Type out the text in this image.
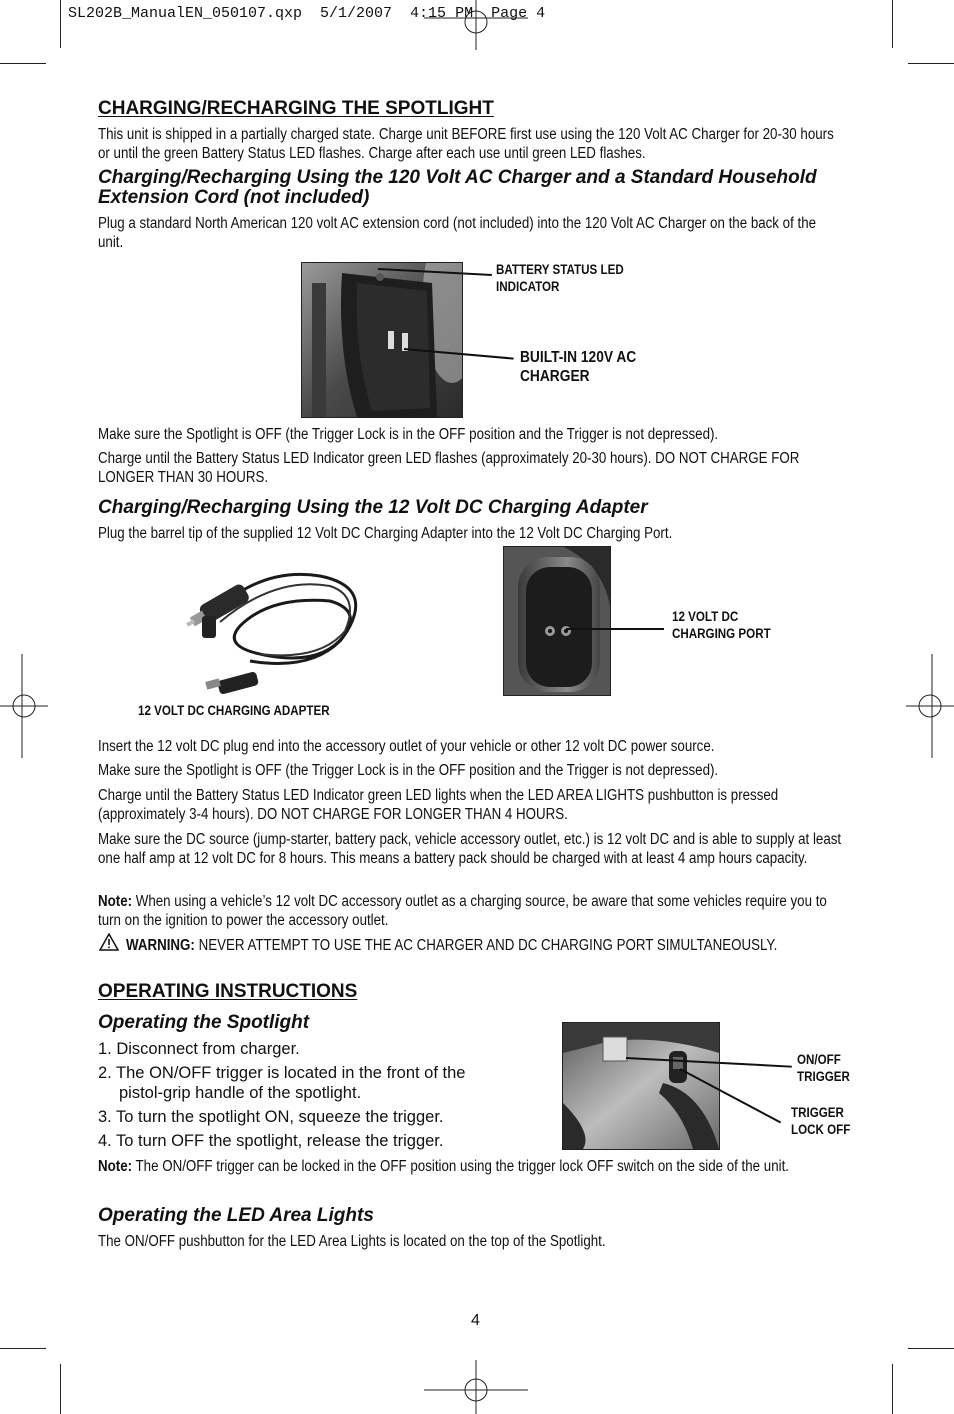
SL202B_ManualEN_050107.qxp  5/1/2007  4:15 PM  Page 4
CHARGING/RECHARGING THE SPOTLIGHT
This unit is shipped in a partially charged state. Charge unit BEFORE first use using the 120 Volt AC Charger for 20-30 hours or until the green Battery Status LED flashes. Charge after each use until green LED flashes.
Charging/Recharging Using the 120 Volt AC Charger and a Standard Household Extension Cord (not included)
Plug a standard North American 120 volt AC extension cord (not included) into the 120 Volt AC Charger on the back of the unit.
BATTERY STATUS LED INDICATOR
BUILT-IN 120V AC CHARGER
Make sure the Spotlight is OFF (the Trigger Lock is in the OFF position and the Trigger is not depressed).
Charge until the Battery Status LED Indicator green LED flashes (approximately 20-30 hours). DO NOT CHARGE FOR LONGER THAN 30 HOURS.
Charging/Recharging Using the 12 Volt DC Charging Adapter
Plug the barrel tip of the supplied 12 Volt DC Charging Adapter into the 12 Volt DC Charging Port.
12 VOLT DC CHARGING ADAPTER
12 VOLT DC CHARGING PORT
Insert the 12 volt DC plug end into the accessory outlet of your vehicle or other 12 volt DC power source.
Make sure the Spotlight is OFF (the Trigger Lock is in the OFF position and the Trigger is not depressed).
Charge until the Battery Status LED Indicator green LED lights when the LED AREA LIGHTS pushbutton is pressed (approximately 3-4 hours). DO NOT CHARGE FOR LONGER THAN 4 HOURS.
Make sure the DC source (jump-starter, battery pack, vehicle accessory outlet, etc.) is 12 volt DC and is able to supply at least one half amp at 12 volt DC for 8 hours. This means a battery pack should be charged with at least 4 amp hours capacity.
Note: When using a vehicle’s 12 volt DC accessory outlet as a charging source, be aware that some vehicles require you to turn on the ignition to power the accessory outlet.
WARNING: NEVER ATTEMPT TO USE THE AC CHARGER AND DC CHARGING PORT SIMULTANEOUSLY.
OPERATING INSTRUCTIONS
Operating the Spotlight
1. Disconnect from charger.
2. The ON/OFF trigger is located in the front of the
pistol-grip handle of the spotlight.
3. To turn the spotlight ON, squeeze the trigger.
4. To turn OFF the spotlight, release the trigger.
ON/OFF TRIGGER
TRIGGER LOCK OFF
Note: The ON/OFF trigger can be locked in the OFF position using the trigger lock OFF switch on the side of the unit.
Operating the LED Area Lights
The ON/OFF pushbutton for the LED Area Lights is located on the top of the Spotlight.
4
